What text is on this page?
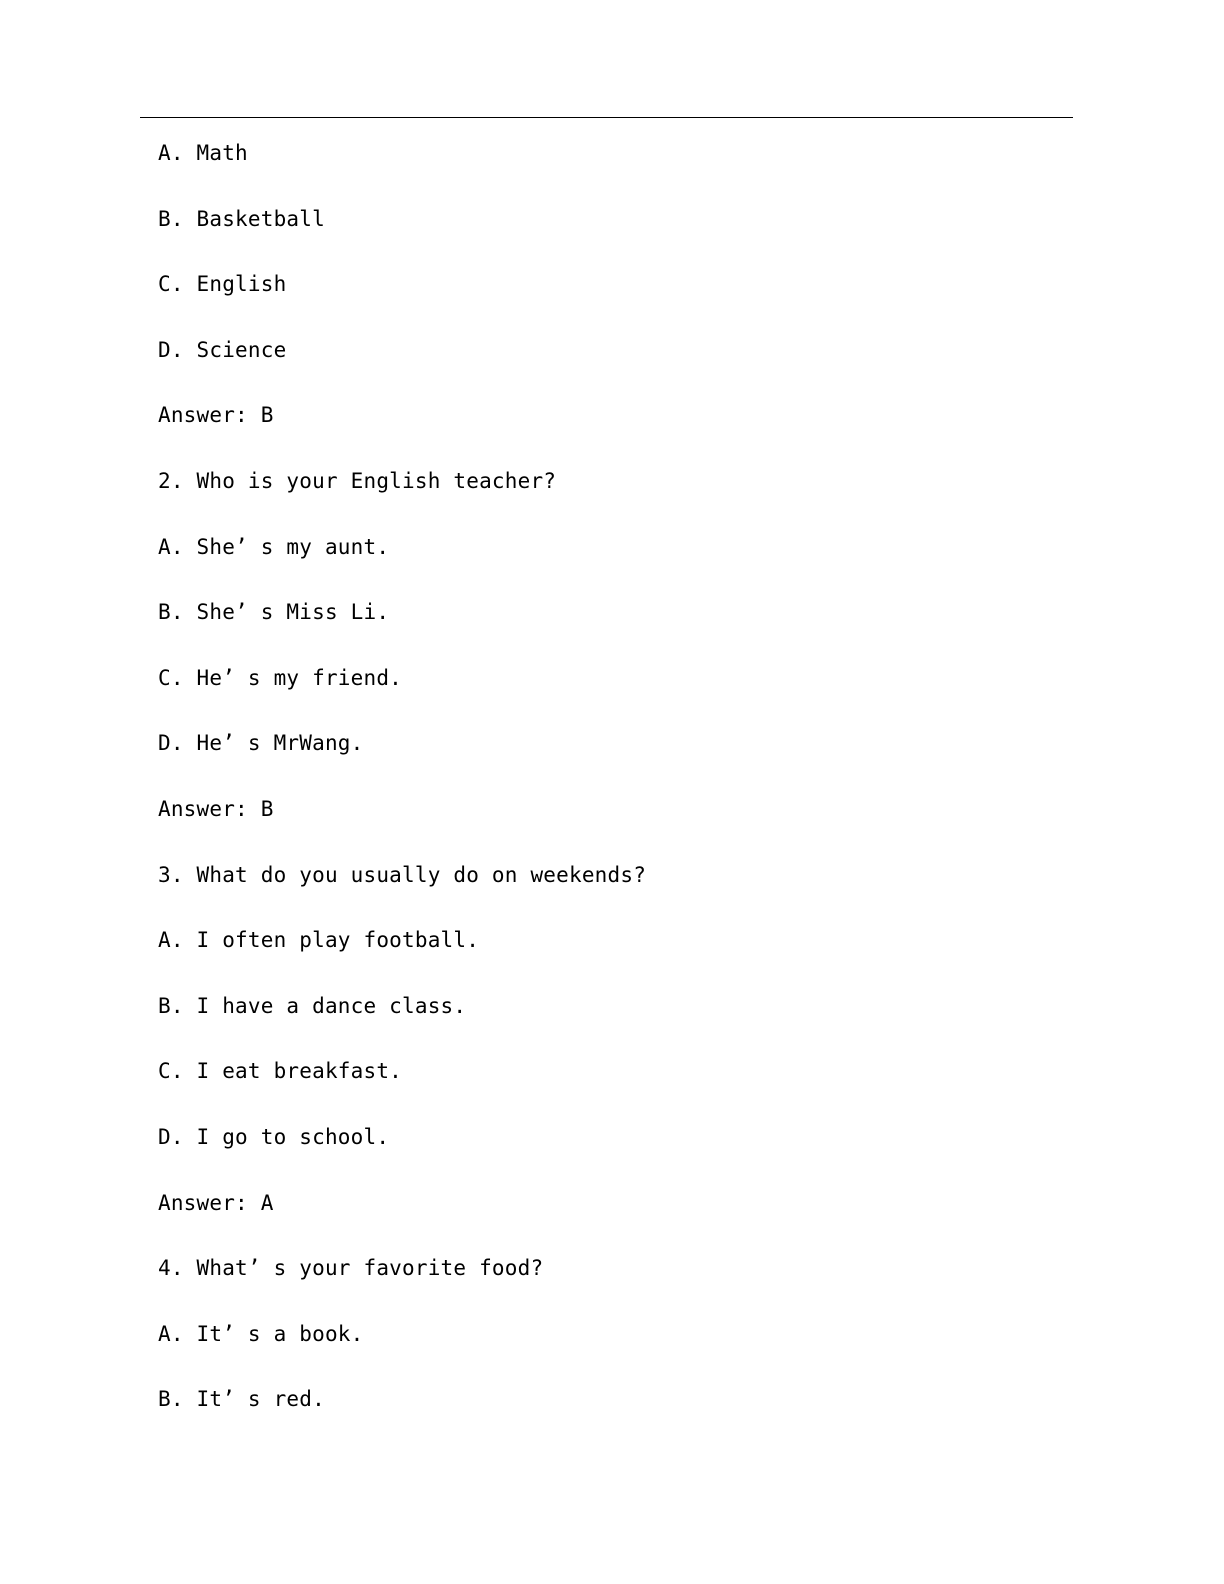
A. Math
B. Basketball
C. English
D. Science
Answer: B
2. Who is your English teacher?
A. She’ s my aunt.
B. She’ s Miss Li.
C. He’ s my friend.
D. He’ s MrWang.
Answer: B
3. What do you usually do on weekends?
A. I often play football.
B. I have a dance class.
C. I eat breakfast.
D. I go to school.
Answer: A
4. What’ s your favorite food?
A. It’ s a book.
B. It’ s red.
